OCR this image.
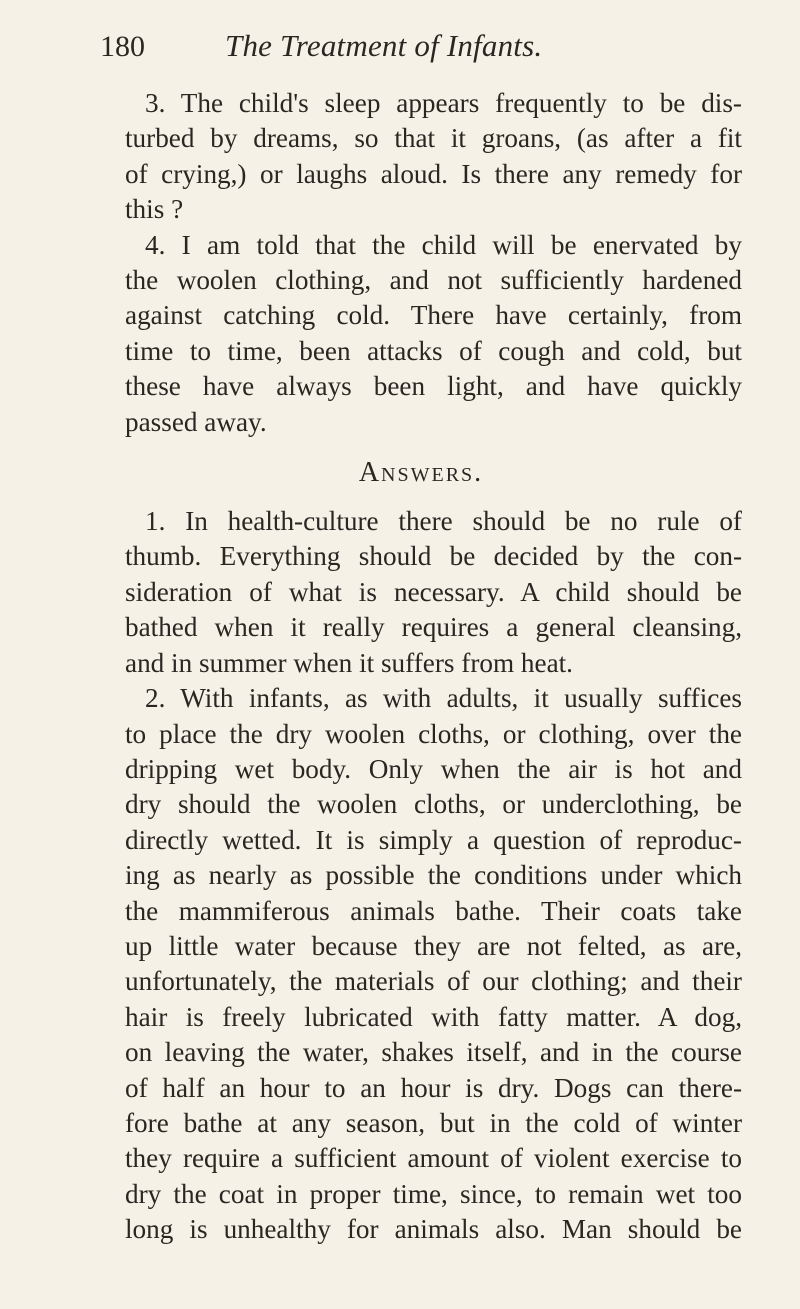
180	The Treatment of Infants.
3. The child's sleep appears frequently to be dis-
turbed by dreams, so that it groans, (as after a fit
of crying,) or laughs aloud. Is there any remedy for
this ?
4. I am told that the child will be enervated by
the woolen clothing, and not sufficiently hardened
against catching cold. There have certainly, from
time to time, been attacks of cough and cold, but
these have always been light, and have quickly
passed away.
Answers.
1. In health-culture there should be no rule of
thumb. Everything should be decided by the con-
sideration of what is necessary. A child should be
bathed when it really requires a general cleansing,
and in summer when it suffers from heat.
2. With infants, as with adults, it usually suffices
to place the dry woolen cloths, or clothing, over the
dripping wet body. Only when the air is hot and
dry should the woolen cloths, or underclothing, be
directly wetted. It is simply a question of reproduc-
ing as nearly as possible the conditions under which
the mammiferous animals bathe. Their coats take
up little water because they are not felted, as are,
unfortunately, the materials of our clothing; and their
hair is freely lubricated with fatty matter. A dog,
on leaving the water, shakes itself, and in the course
of half an hour to an hour is dry. Dogs can there-
fore bathe at any season, but in the cold of winter
they require a sufficient amount of violent exercise to
dry the coat in proper time, since, to remain wet too
long is unhealthy for animals also. Man should be
